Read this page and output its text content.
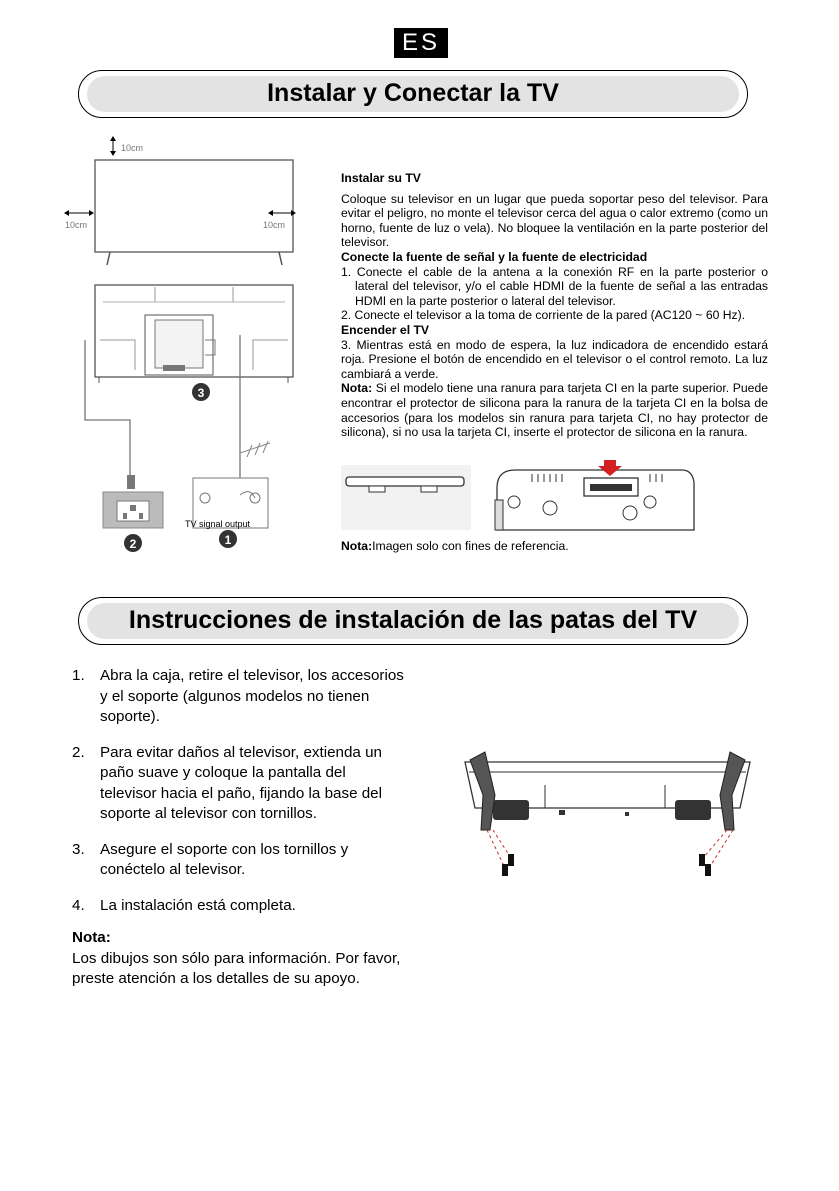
ES
Instalar y Conectar la TV
10cm
10cm	10cm
3
2
TV signal output
1

Instalar su TV

Coloque su televisor en un lugar que pueda soportar peso del televisor. Para evitar el peligro, no monte el televisor cerca del agua o calor extremo (como un horno, fuente de luz o vela). No bloquee la ventilación en la parte posterior del televisor.

Conecte la fuente de señal y la fuente de electricidad

1. Conecte el cable de la antena a la conexión RF en la parte posterior o lateral del televisor, y/o el cable HDMI de la fuente de señal a las entradas HDMI en la parte posterior o lateral del televisor.

2. Conecte el televisor a la toma de corriente de la pared (AC120 ~ 60 Hz).

Encender el TV

3. Mientras está en modo de espera, la luz indicadora de encendido estará roja. Presione el botón de encendido en el televisor o el control remoto. La luz cambiará a verde.

Nota: Si el modelo tiene una ranura para tarjeta CI en la parte superior. Puede encontrar el protector de silicona para la ranura de la tarjeta CI en la bolsa de accesorios (para los modelos sin ranura para tarjeta CI, no hay protector de silicona), si no usa la tarjeta CI, inserte el protector de silicona en la ranura.

Nota:Imagen solo con fines de referencia.

Instrucciones de instalación de las patas del TV
1. Abra la caja, retire el televisor, los accesorios y el soporte (algunos modelos no tienen soporte).
2. Para evitar daños al televisor, extienda un paño suave y coloque la pantalla del televisor hacia el paño, fijando la base del soporte al televisor con tornillos.
3. Asegure el soporte con los tornillos y conéctelo al televisor.
4. La instalación está completa.
Nota:
Los dibujos son sólo para información. Por favor, preste atención a los detalles de su apoyo.
